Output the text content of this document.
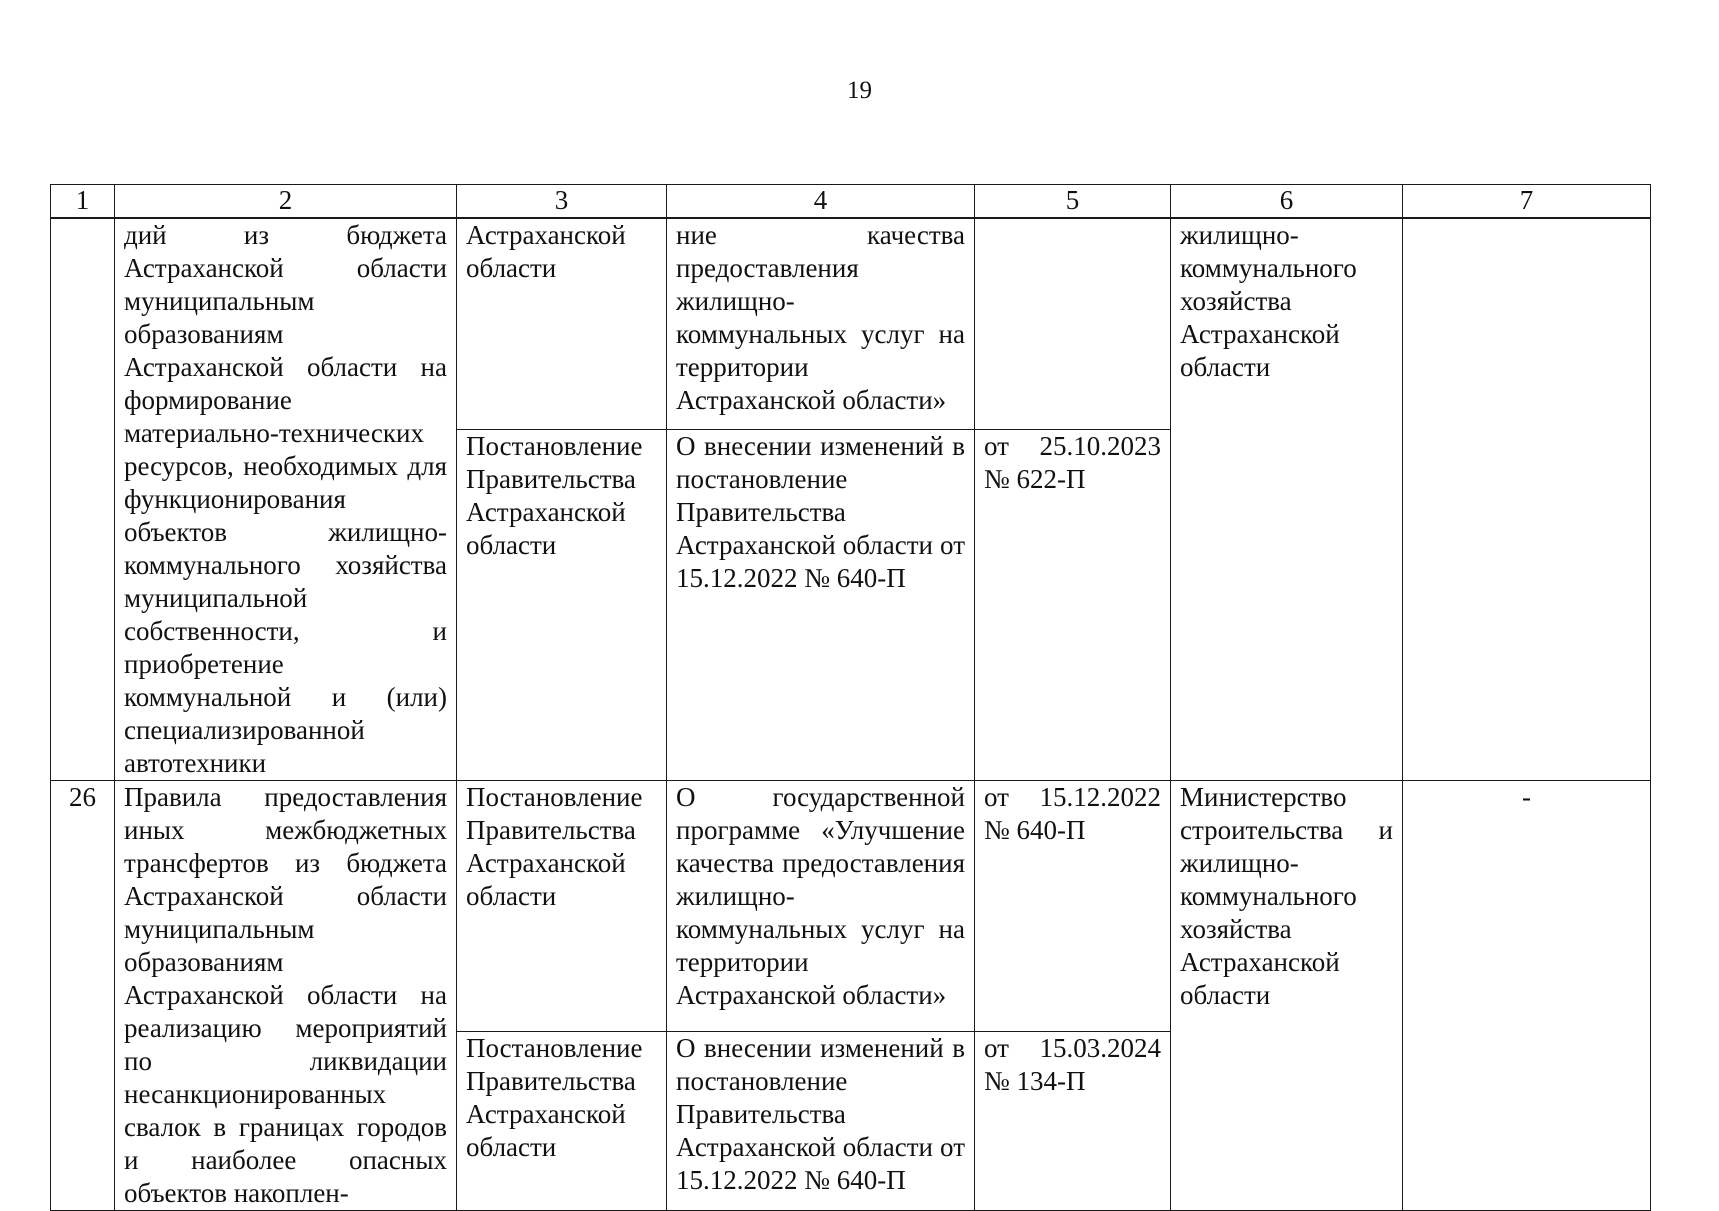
19
1	2	3	4	5	6	7
	дий из бюджета Астраханской области муниципальным образованиям Астраханской области на формирование материально-технических ресурсов, необходимых для функционирования объектов жилищно-коммунального хозяйства муниципальной собственности, и приобретение коммунальной и (или) специализированной автотехники	Астраханской области	ние качества предоставления жилищно-коммунальных услуг на территории Астраханской области»		жилищно-коммунального хозяйства Астраханской области	
		Постановление Правительства Астраханской области	О внесении изменений в постановление Правительства Астраханской области от 15.12.2022 № 640-П	от 25.10.2023 № 622-П		
26	Правила предоставления иных межбюджетных трансфертов из бюджета Астраханской области муниципальным образованиям Астраханской области на реализацию мероприятий по ликвидации несанкционированных свалок в границах городов и наиболее опасных объектов накоплен-	Постановление Правительства Астраханской области	О государственной программе «Улучшение качества предоставления жилищно-коммунальных услуг на территории Астраханской области»	от 15.12.2022 № 640-П	Министерство строительства и жилищно-коммунального хозяйства Астраханской области	-
		Постановление Правительства Астраханской области	О внесении изменений в постановление Правительства Астраханской области от 15.12.2022 № 640-П	от 15.03.2024 № 134-П		
